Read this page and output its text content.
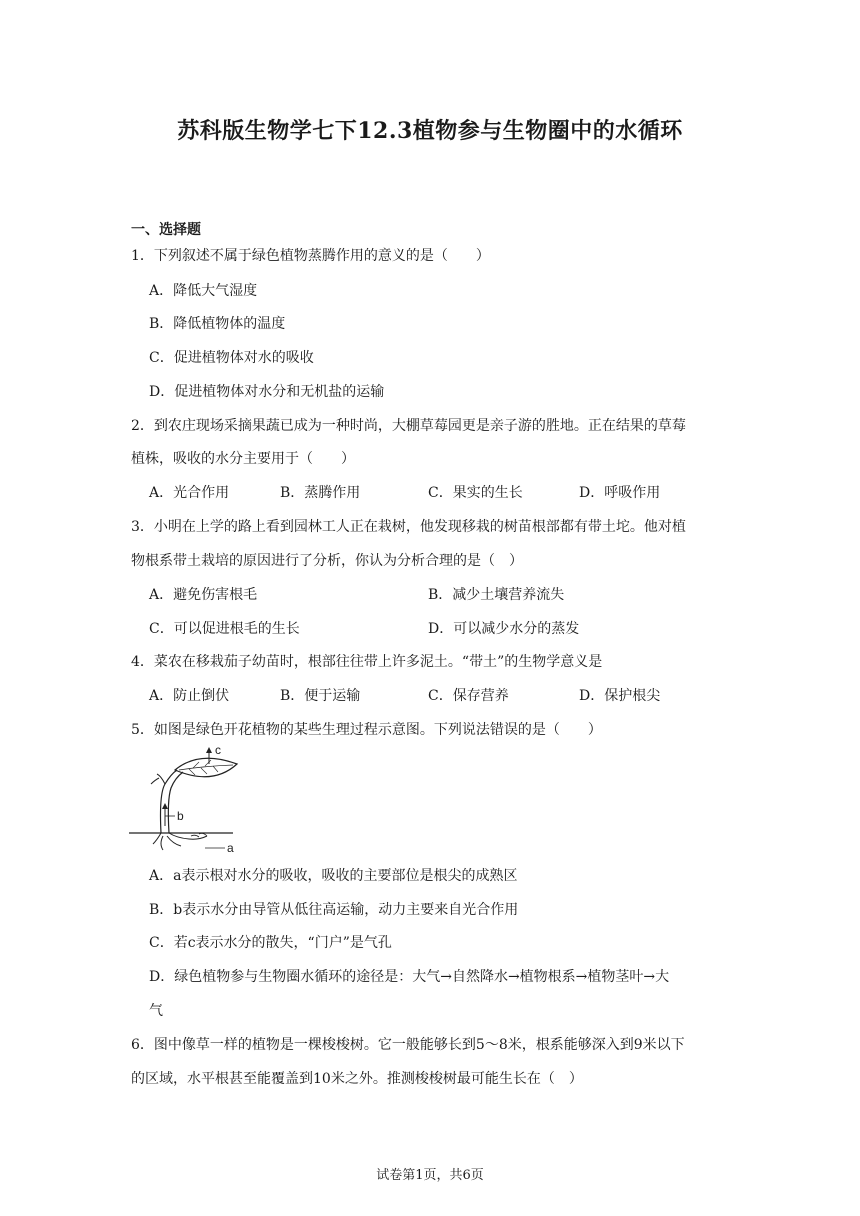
苏科版生物学七下12.3植物参与生物圈中的水循环
一、选择题
1．下列叙述不属于绿色植物蒸腾作用的意义的是（　　）
A．降低大气湿度
B．降低植物体的温度
C．促进植物体对水的吸收
D．促进植物体对水分和无机盐的运输
2．到农庄现场采摘果蔬已成为一种时尚，大棚草莓园更是亲子游的胜地。正在结果的草莓
植株，吸收的水分主要用于（　　）
A．光合作用	B．蒸腾作用	C．果实的生长	D．呼吸作用
3．小明在上学的路上看到园林工人正在栽树，他发现移栽的树苗根部都有带土坨。他对植
物根系带土栽培的原因进行了分析，你认为分析合理的是（　）
A．避免伤害根毛	B．减少土壤营养流失
C．可以促进根毛的生长	D．可以减少水分的蒸发
4．菜农在移栽茄子幼苗时，根部往往带上许多泥土。“带土”的生物学意义是
A．防止倒伏	B．便于运输	C．保存营养	D．保护根尖
5．如图是绿色开花植物的某些生理过程示意图。下列说法错误的是（　　）
c
b
a
A．a表示根对水分的吸收，吸收的主要部位是根尖的成熟区
B．b表示水分由导管从低往高运输，动力主要来自光合作用
C．若c表示水分的散失，“门户”是气孔
D．绿色植物参与生物圈水循环的途径是：大气→自然降水→植物根系→植物茎叶→大
气
6．图中像草一样的植物是一棵梭梭树。它一般能够长到5～8米，根系能够深入到9米以下
的区域，水平根甚至能覆盖到10米之外。推测梭梭树最可能生长在（　）
试卷第1页，共6页
